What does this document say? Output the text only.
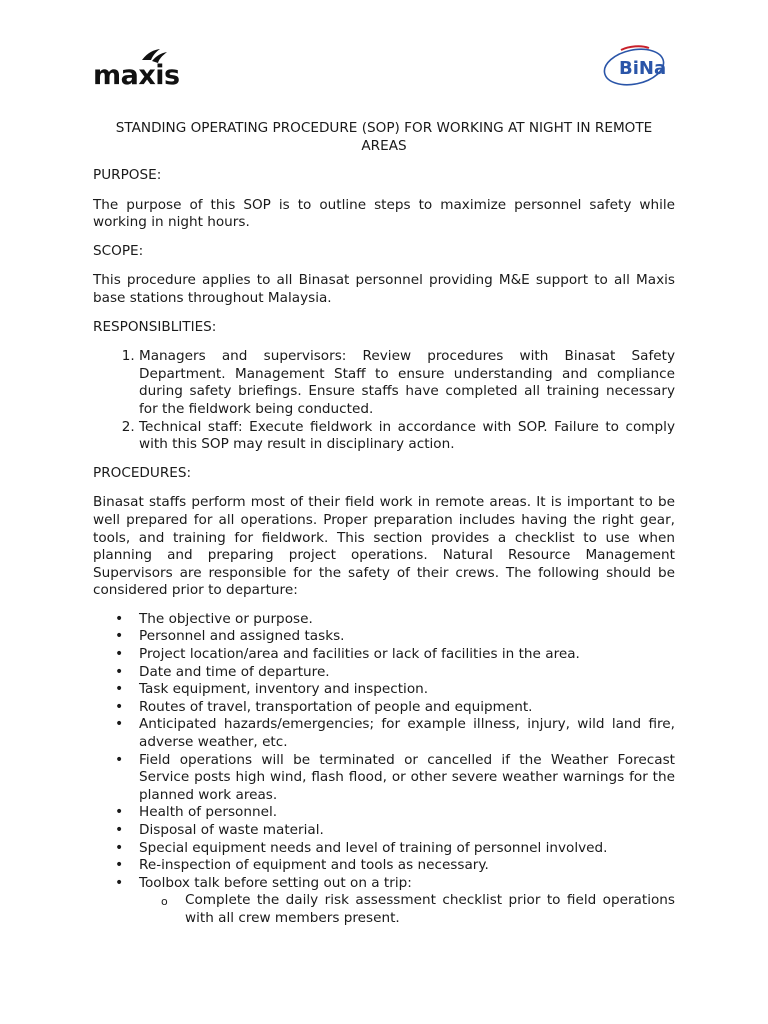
maxis	BiNa
STANDING OPERATING PROCEDURE (SOP) FOR WORKING AT NIGHT IN REMOTE AREAS
PURPOSE:

The purpose of this SOP is to outline steps to maximize personnel safety while working in night hours.

SCOPE:

This procedure applies to all Binasat personnel providing M&E support to all Maxis base stations throughout Malaysia.

RESPONSIBLITIES:
1. Managers and supervisors: Review procedures with Binasat Safety Department. Management Staff to ensure understanding and compliance during safety briefings. Ensure staffs have completed all training necessary for the fieldwork being conducted.
2. Technical staff: Execute fieldwork in accordance with SOP. Failure to comply with this SOP may result in disciplinary action.
PROCEDURES:

Binasat staffs perform most of their field work in remote areas. It is important to be well prepared for all operations. Proper preparation includes having the right gear, tools, and training for fieldwork. This section provides a checklist to use when planning and preparing project operations. Natural Resource Management Supervisors are responsible for the safety of their crews. The following should be considered prior to departure:

• The objective or purpose.
• Personnel and assigned tasks.
• Project location/area and facilities or lack of facilities in the area.
• Date and time of departure.
• Task equipment, inventory and inspection.
• Routes of travel, transportation of people and equipment.
• Anticipated hazards/emergencies; for example illness, injury, wild land fire, adverse weather, etc.
• Field operations will be terminated or cancelled if the Weather Forecast Service posts high wind, flash flood, or other severe weather warnings for the planned work areas.
• Health of personnel.
• Disposal of waste material.
• Special equipment needs and level of training of personnel involved.
• Re-inspection of equipment and tools as necessary.
• Toolbox talk before setting out on a trip:
o Complete the daily risk assessment checklist prior to field operations with all crew members present.
